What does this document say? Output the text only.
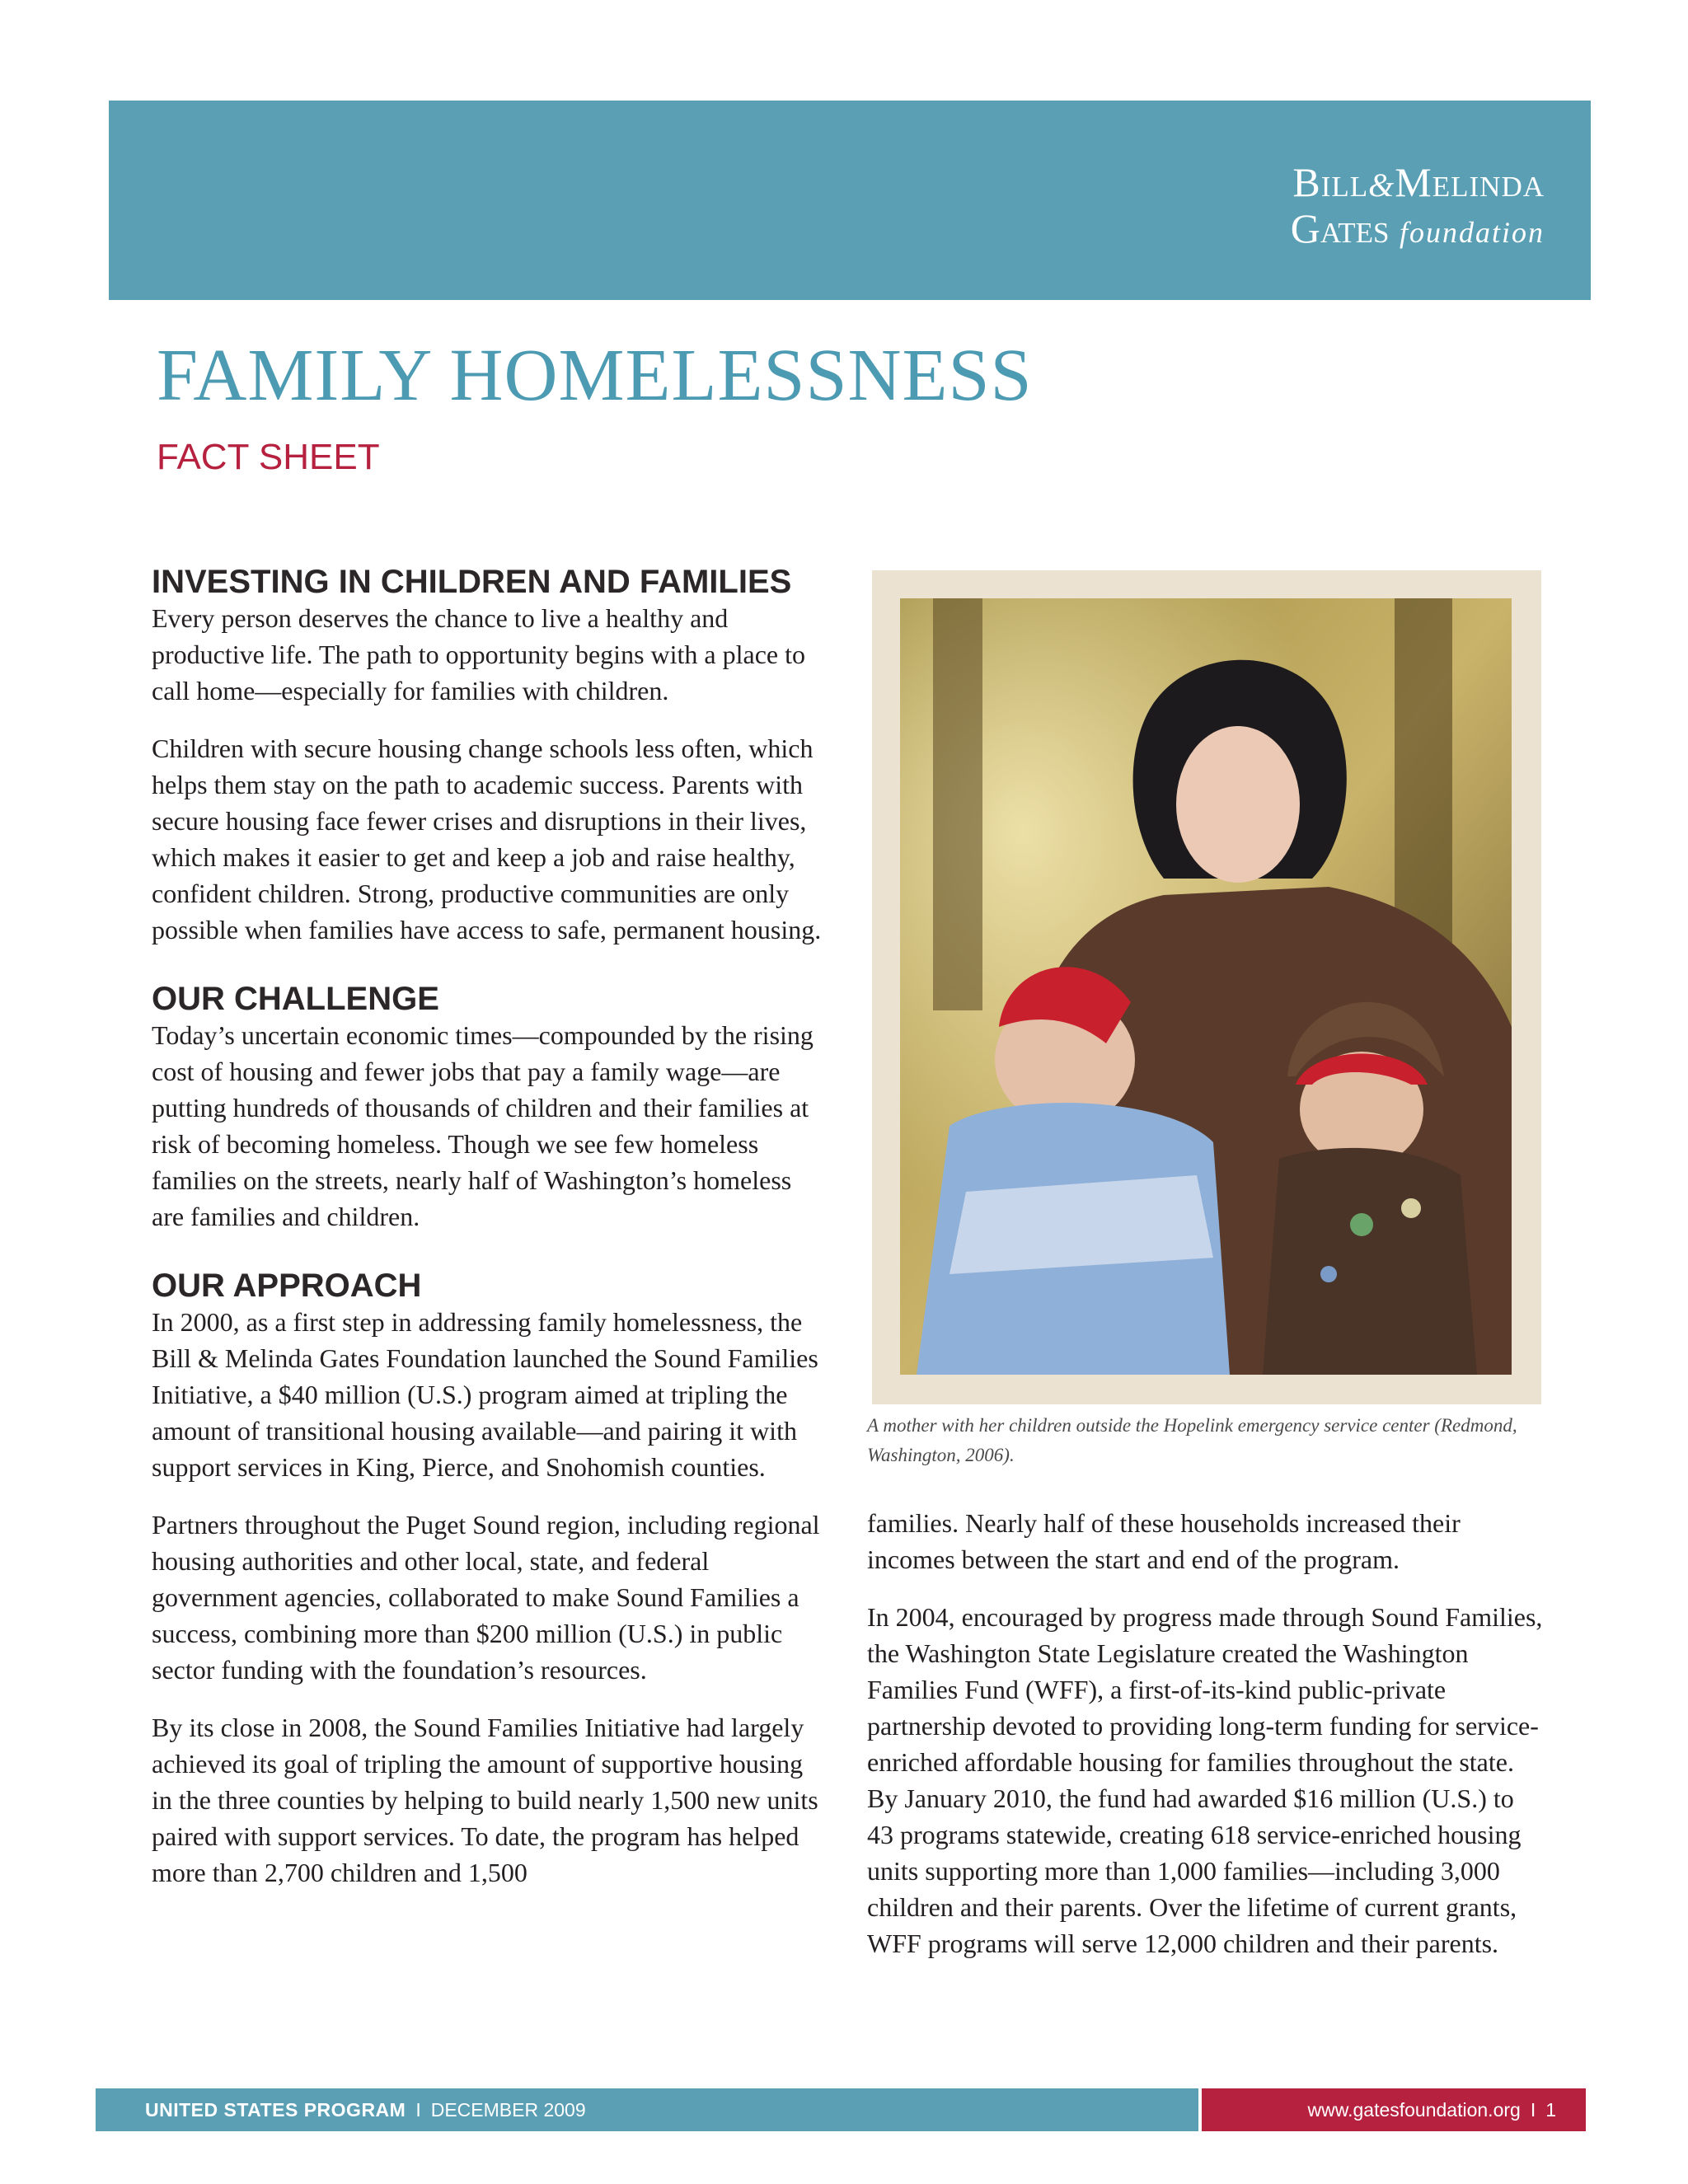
Bill&Melinda
Gates foundation
FAMILY HOMELESSNESS
FACT SHEET
INVESTING IN CHILDREN AND FAMILIES

Every person deserves the chance to live a healthy and productive life. The path to opportunity begins with a place to call home—especially for families with children.

Children with secure housing change schools less often, which helps them stay on the path to academic success. Parents with secure housing face fewer crises and disruptions in their lives, which makes it easier to get and keep a job and raise healthy, confident children. Strong, productive communities are only possible when families have access to safe, permanent housing.

OUR CHALLENGE

Today’s uncertain economic times—compounded by the rising cost of housing and fewer jobs that pay a family wage—are putting hundreds of thousands of children and their families at risk of becoming homeless. Though we see few homeless families on the streets, nearly half of Washington’s homeless are families and children.

OUR APPROACH

In 2000, as a first step in addressing family homelessness, the Bill & Melinda Gates Foundation launched the Sound Families Initiative, a $40 million (U.S.) program aimed at tripling the amount of transitional housing available—and pairing it with support services in King, Pierce, and Snohomish counties.

Partners throughout the Puget Sound region, including regional housing authorities and other local, state, and federal government agencies, collaborated to make Sound Families a success, combining more than $200 million (U.S.) in public sector funding with the foundation’s resources.

By its close in 2008, the Sound Families Initiative had largely achieved its goal of tripling the amount of supportive housing in the three counties by helping to build nearly 1,500 new units paired with support services. To date, the program has helped more than 2,700 children and 1,500

A mother with her children outside the Hopelink emergency service center (Redmond, Washington, 2006).

families. Nearly half of these households increased their incomes between the start and end of the program.

In 2004, encouraged by progress made through Sound Families, the Washington State Legislature created the Washington Families Fund (WFF), a first-of-its-kind public-private partnership devoted to providing long-term funding for service-enriched affordable housing for families throughout the state. By January 2010, the fund had awarded $16 million (U.S.) to 43 programs statewide, creating 618 service-enriched housing units supporting more than 1,000 families—including 3,000 children and their parents. Over the lifetime of current grants, WFF programs will serve 12,000 children and their parents.

UNITED STATES PROGRAM I DECEMBER 2009	www.gatesfoundation.org I 1
